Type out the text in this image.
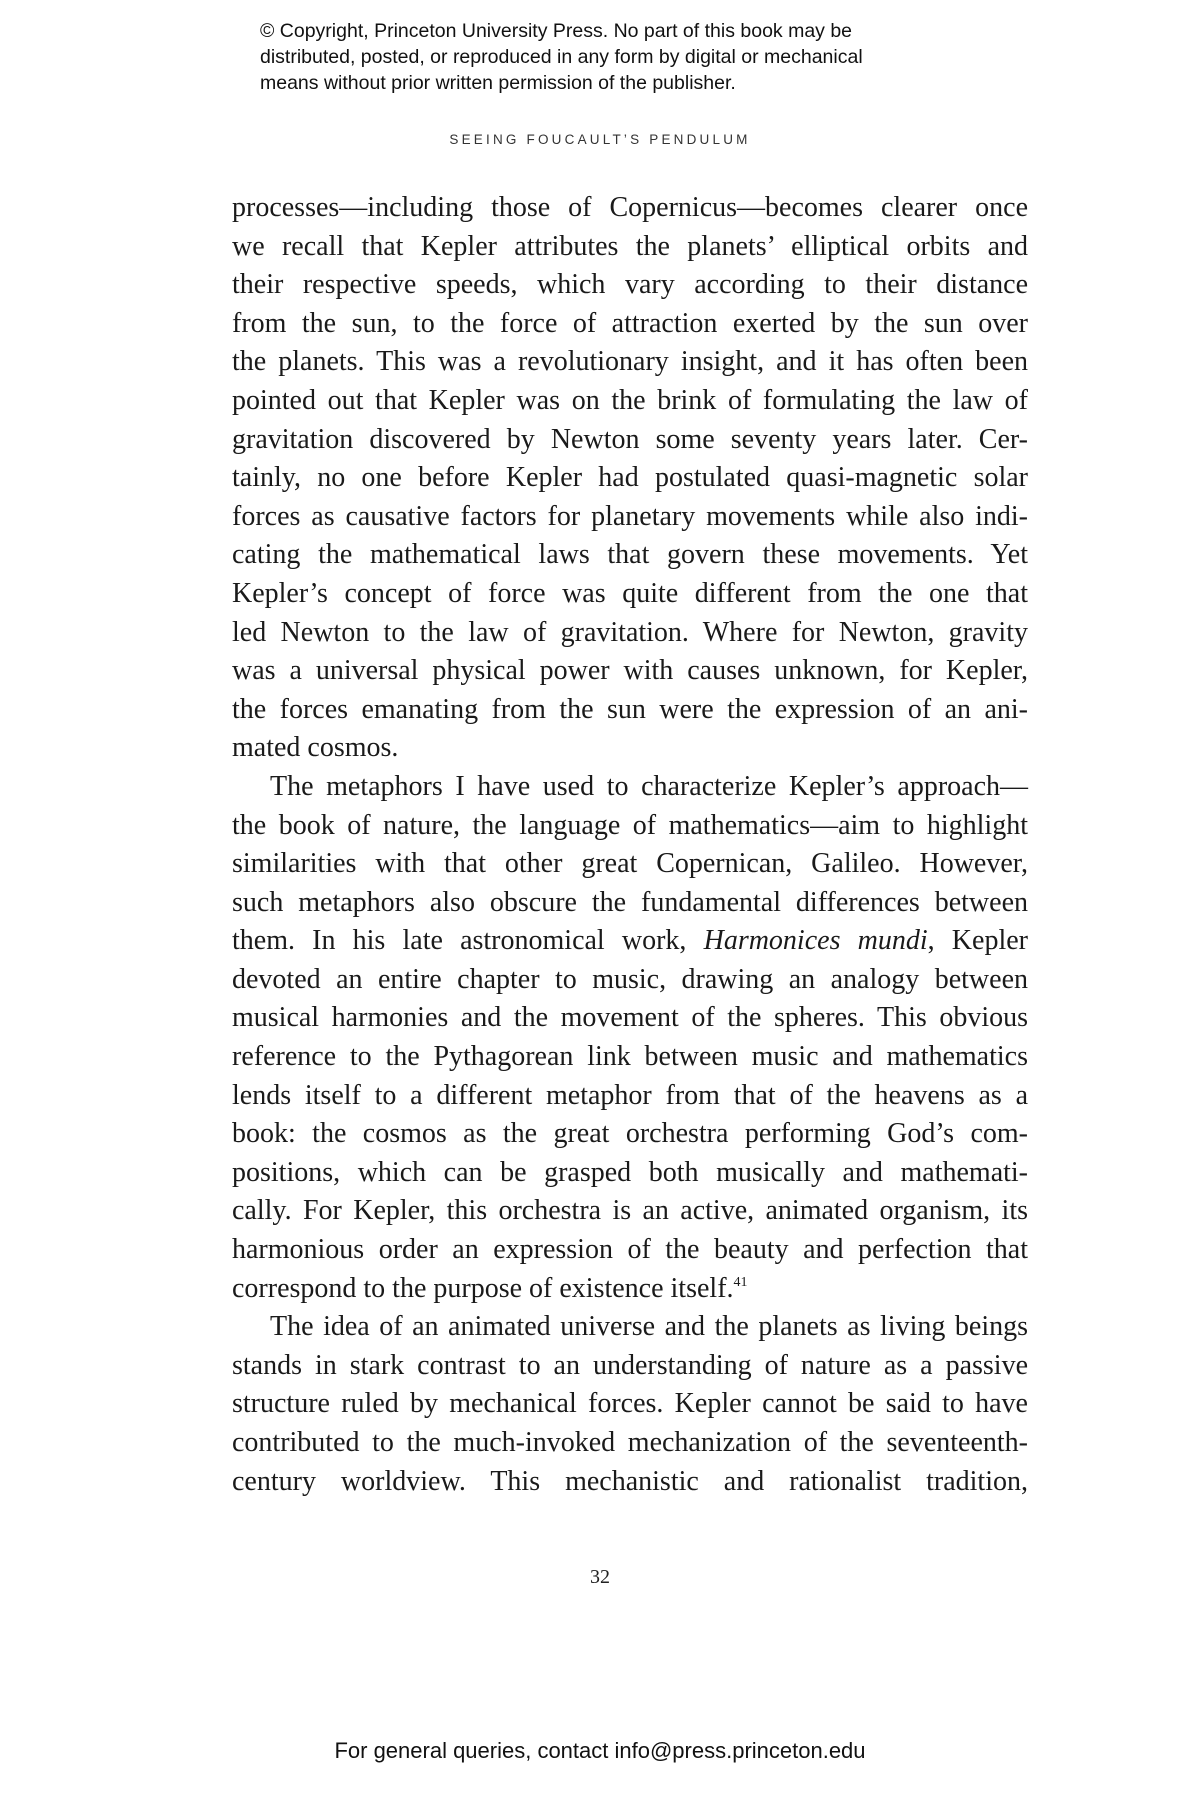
© Copyright, Princeton University Press. No part of this book may be
distributed, posted, or reproduced in any form by digital or mechanical
means without prior written permission of the publisher.
SEEING FOUCAULT’S PENDULUM
processes—including those of Copernicus—becomes clearer once
we recall that Kepler attributes the planets’ elliptical orbits and
their respective speeds, which vary according to their distance
from the sun, to the force of attraction exerted by the sun over
the planets. This was a revolutionary insight, and it has often been
pointed out that Kepler was on the brink of formulating the law of
gravitation discovered by Newton some seventy years later. Cer-
tainly, no one before Kepler had postulated quasi-magnetic solar
forces as causative factors for planetary movements while also indi-
cating the mathematical laws that govern these movements. Yet
Kepler’s concept of force was quite different from the one that
led Newton to the law of gravitation. Where for Newton, gravity
was a universal physical power with causes unknown, for Kepler,
the forces emanating from the sun were the expression of an ani-
mated cosmos.
The metaphors I have used to characterize Kepler’s approach—
the book of nature, the language of mathematics—aim to highlight
similarities with that other great Copernican, Galileo. However,
such metaphors also obscure the fundamental differences between
them. In his late astronomical work, Harmonices mundi, Kepler
devoted an entire chapter to music, drawing an analogy between
musical harmonies and the movement of the spheres. This obvious
reference to the Pythagorean link between music and mathematics
lends itself to a different metaphor from that of the heavens as a
book: the cosmos as the great orchestra performing God’s com-
positions, which can be grasped both musically and mathemati-
cally. For Kepler, this orchestra is an active, animated organism, its
harmonious order an expression of the beauty and perfection that
correspond to the purpose of existence itself.$^{41}$
The idea of an animated universe and the planets as living beings
stands in stark contrast to an understanding of nature as a passive
structure ruled by mechanical forces. Kepler cannot be said to have
contributed to the much-invoked mechanization of the seventeenth-
century worldview. This mechanistic and rationalist tradition,
32
For general queries, contact info@press.princeton.edu
